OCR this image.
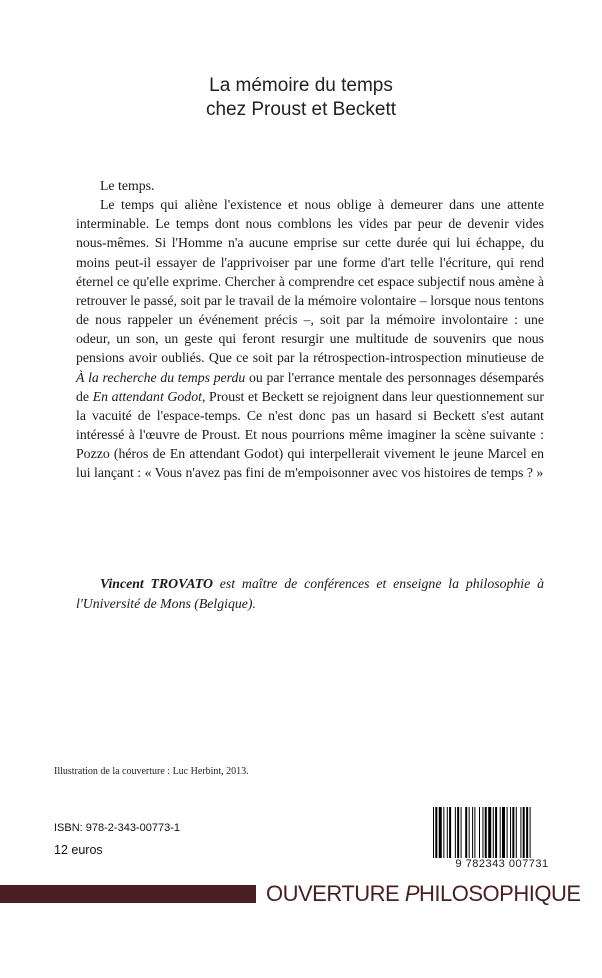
La mémoire du temps
chez Proust et Beckett

Le temps.

Le temps qui aliène l'existence et nous oblige à demeurer dans une attente interminable. Le temps dont nous comblons les vides par peur de devenir vides nous-mêmes. Si l'Homme n'a aucune emprise sur cette durée qui lui échappe, du moins peut-il essayer de l'apprivoiser par une forme d'art telle l'écriture, qui rend éternel ce qu'elle exprime. Chercher à comprendre cet espace subjectif nous amène à retrouver le passé, soit par le travail de la mémoire volontaire – lorsque nous tentons de nous rappeler un événement précis –, soit par la mémoire involontaire : une odeur, un son, un geste qui feront resurgir une multitude de souvenirs que nous pensions avoir oubliés. Que ce soit par la rétrospection-introspection minutieuse de À la recherche du temps perdu ou par l'errance mentale des personnages désemparés de En attendant Godot, Proust et Beckett se rejoignent dans leur questionnement sur la vacuité de l'espace-temps. Ce n'est donc pas un hasard si Beckett s'est autant intéressé à l'œuvre de Proust. Et nous pourrions même imaginer la scène suivante : Pozzo (héros de En attendant Godot) qui interpellerait vivement le jeune Marcel en lui lançant : « Vous n'avez pas fini de m'empoisonner avec vos histoires de temps ? »

Vincent TROVATO est maître de conférences et enseigne la philosophie à l'Université de Mons (Belgique).
Illustration de la couverture : Luc Herbint, 2013.
ISBN: 978-2-343-00773-1
12 euros
9 782343 007731
OUVERTURE PHILOSOPHIQUE
